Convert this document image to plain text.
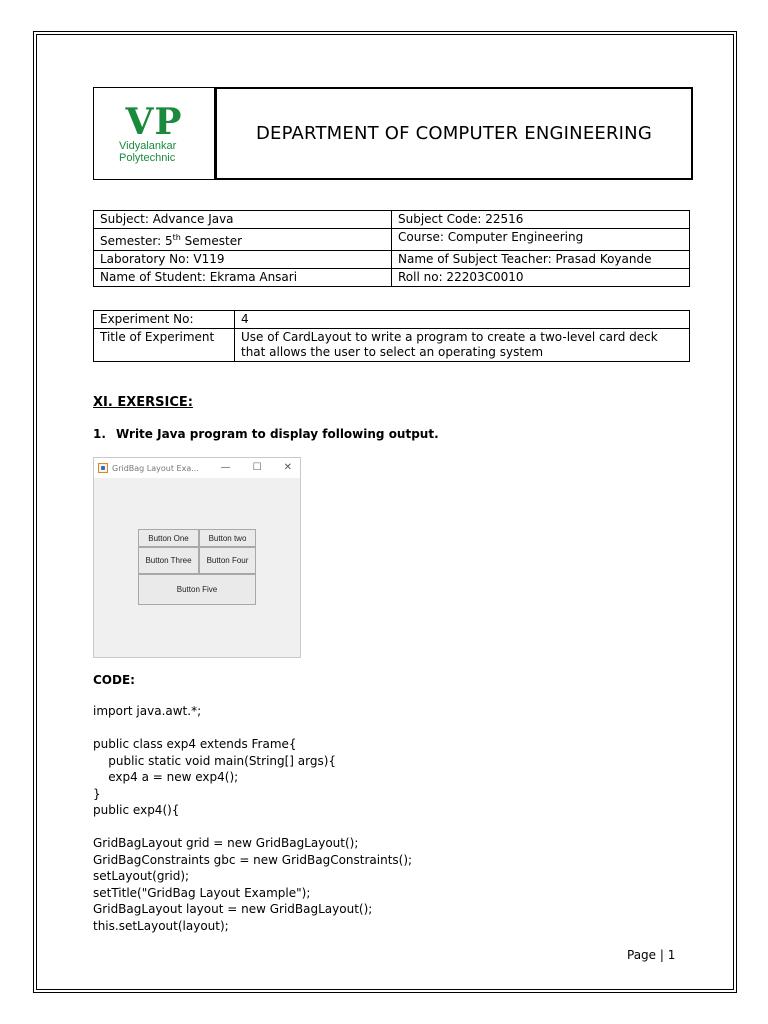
VP
Vidyalankar
Polytechnic
DEPARTMENT OF COMPUTER ENGINEERING
Subject: Advance Java	Subject Code: 22516
Semester: 5th Semester	Course: Computer Engineering
Laboratory No: V119	Name of Subject Teacher: Prasad Koyande
Name of Student: Ekrama Ansari	Roll no: 22203C0010
Experiment No:	4
Title of Experiment	Use of CardLayout to write a program to create a two-level card deck that allows the user to select an operating system
XI. EXERSICE:
1. Write Java program to display following output.
GridBag Layout Exa... — ☐ ✕
Button One	Button two
Button Three	Button Four
Button Five
CODE:
import java.awt.*;

public class exp4 extends Frame{
public static void main(String[] args){
exp4 a = new exp4();
}
public exp4(){

GridBagLayout grid = new GridBagLayout();
GridBagConstraints gbc = new GridBagConstraints();
setLayout(grid);
setTitle("GridBag Layout Example");
GridBagLayout layout = new GridBagLayout();
this.setLayout(layout);
Page | 1
